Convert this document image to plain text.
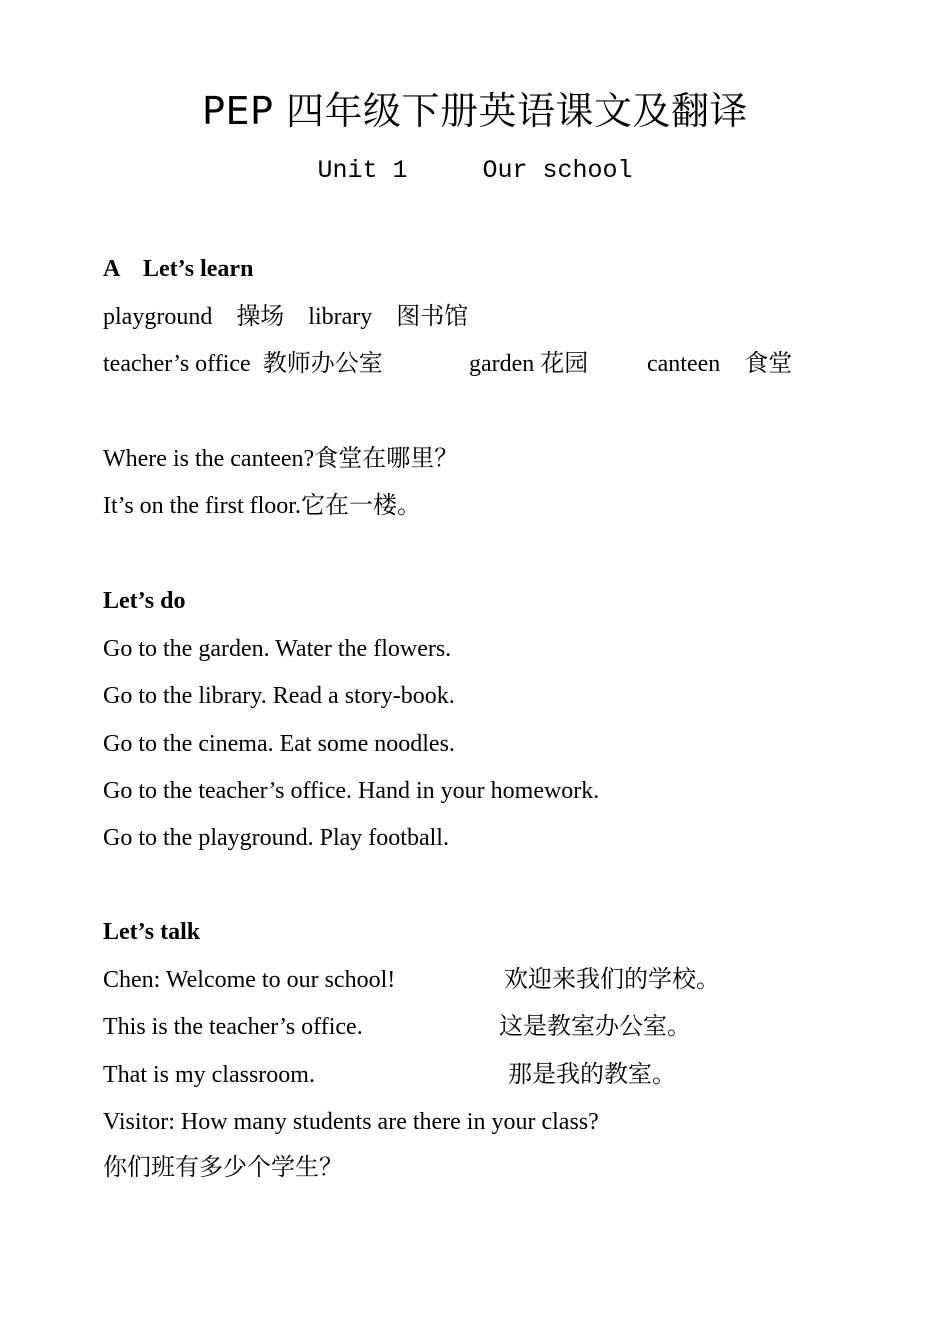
PEP 四年级下册英语课文及翻译
Unit 1     Our school
A    Let’s learn
playground    操场    library    图书馆
teacher’s office  教师办公室	garden 花园 canteen    食堂
Where is the canteen?食堂在哪里？
It’s on the first floor.它在一楼。
Let’s do
Go to the garden. Water the flowers.
Go to the library. Read a story-book.
Go to the cinema. Eat some noodles.
Go to the teacher’s office. Hand in your homework.
Go to the playground. Play football.
Let’s talk
Chen: Welcome to our school!	欢迎来我们的学校。
This is the teacher’s office.	这是教室办公室。
That is my classroom.	那是我的教室。
Visitor: How many students are there in your class?
你们班有多少个学生？
